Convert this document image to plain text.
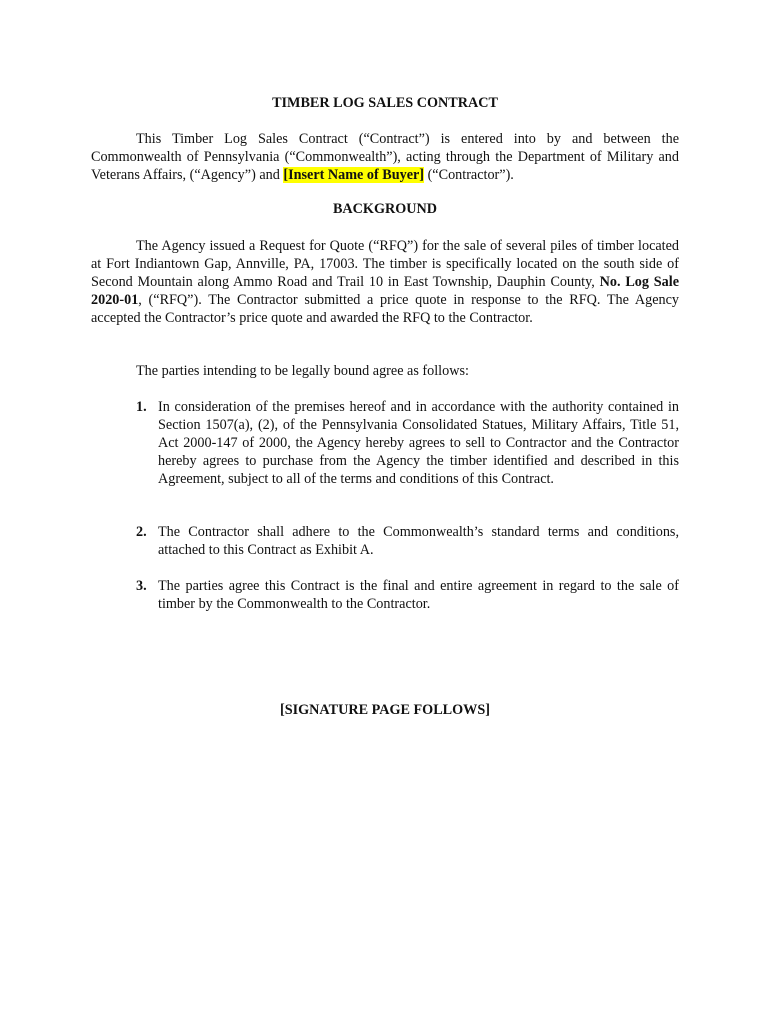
TIMBER LOG SALES CONTRACT
This Timber Log Sales Contract (“Contract”) is entered into by and between the Commonwealth of Pennsylvania (“Commonwealth”), acting through the Department of Military and Veterans Affairs, (“Agency”) and [Insert Name of Buyer] (“Contractor”).
BACKGROUND
The Agency issued a Request for Quote (“RFQ”) for the sale of several piles of timber located at Fort Indiantown Gap, Annville, PA, 17003. The timber is specifically located on the south side of Second Mountain along Ammo Road and Trail 10 in East Township, Dauphin County, No. Log Sale 2020-01, (“RFQ”). The Contractor submitted a price quote in response to the RFQ. The Agency accepted the Contractor’s price quote and awarded the RFQ to the Contractor.
The parties intending to be legally bound agree as follows:
1. In consideration of the premises hereof and in accordance with the authority contained in Section 1507(a), (2), of the Pennsylvania Consolidated Statues, Military Affairs, Title 51, Act 2000-147 of 2000, the Agency hereby agrees to sell to Contractor and the Contractor hereby agrees to purchase from the Agency the timber identified and described in this Agreement, subject to all of the terms and conditions of this Contract.
2. The Contractor shall adhere to the Commonwealth’s standard terms and conditions, attached to this Contract as Exhibit A.
3. The parties agree this Contract is the final and entire agreement in regard to the sale of timber by the Commonwealth to the Contractor.
[SIGNATURE PAGE FOLLOWS]
